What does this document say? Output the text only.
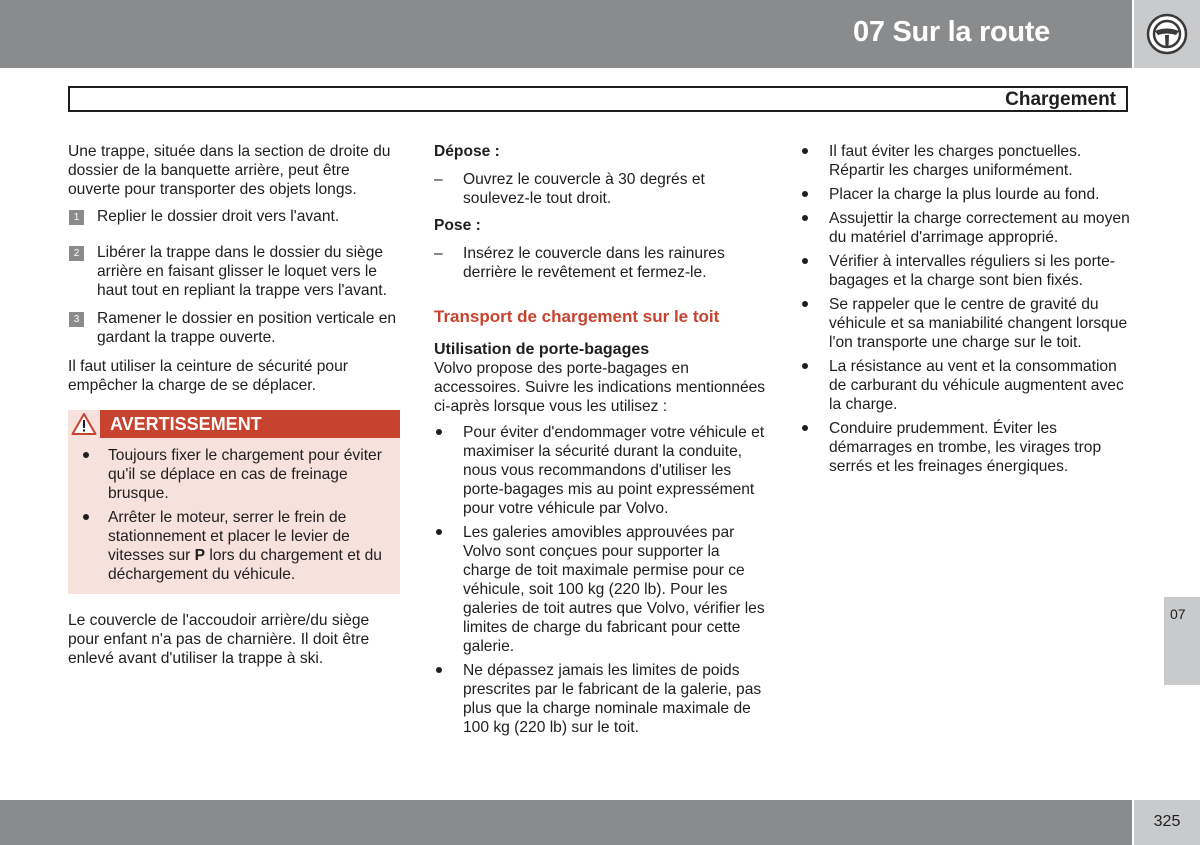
07 Sur la route
Chargement

Une trappe, située dans la section de droite du dossier de la banquette arrière, peut être ouverte pour transporter des objets longs.

1	Replier le dossier droit vers l'avant.

2	Libérer la trappe dans le dossier du siège arrière en faisant glisser le loquet vers le haut tout en repliant la trappe vers l'avant.

3	Ramener le dossier en position verticale en gardant la trappe ouverte.

Il faut utiliser la ceinture de sécurité pour empêcher la charge de se déplacer.

AVERTISSEMENT

Toujours fixer le chargement pour éviter qu'il se déplace en cas de freinage brusque.

Arrêter le moteur, serrer le frein de stationnement et placer le levier de vitesses sur P lors du chargement et du déchargement du véhicule.

Le couvercle de l'accoudoir arrière/du siège pour enfant n'a pas de charnière. Il doit être enlevé avant d'utiliser la trappe à ski.

Dépose :

– Ouvrez le couvercle à 30 degrés et soulevez-le tout droit.

Pose :

– Insérez le couvercle dans les rainures derrière le revêtement et fermez-le.

Transport de chargement sur le toit

Utilisation de porte-bagages

Volvo propose des porte-bagages en accessoires. Suivre les indications mentionnées ci-après lorsque vous les utilisez :

Pour éviter d'endommager votre véhicule et maximiser la sécurité durant la conduite, nous vous recommandons d'utiliser les porte-bagages mis au point expressément pour votre véhicule par Volvo.

Les galeries amovibles approuvées par Volvo sont conçues pour supporter la charge de toit maximale permise pour ce véhicule, soit 100 kg (220 lb). Pour les galeries de toit autres que Volvo, vérifier les limites de charge du fabricant pour cette galerie.

Ne dépassez jamais les limites de poids prescrites par le fabricant de la galerie, pas plus que la charge nominale maximale de 100 kg (220 lb) sur le toit.

Il faut éviter les charges ponctuelles. Répartir les charges uniformément.

Placer la charge la plus lourde au fond.

Assujettir la charge correctement au moyen du matériel d'arrimage approprié.

Vérifier à intervalles réguliers si les porte-bagages et la charge sont bien fixés.

Se rappeler que le centre de gravité du véhicule et sa maniabilité changent lorsque l'on transporte une charge sur le toit.

La résistance au vent et la consommation de carburant du véhicule augmentent avec la charge.

Conduire prudemment. Éviter les démarrages en trombe, les virages trop serrés et les freinages énergiques.

07
325
